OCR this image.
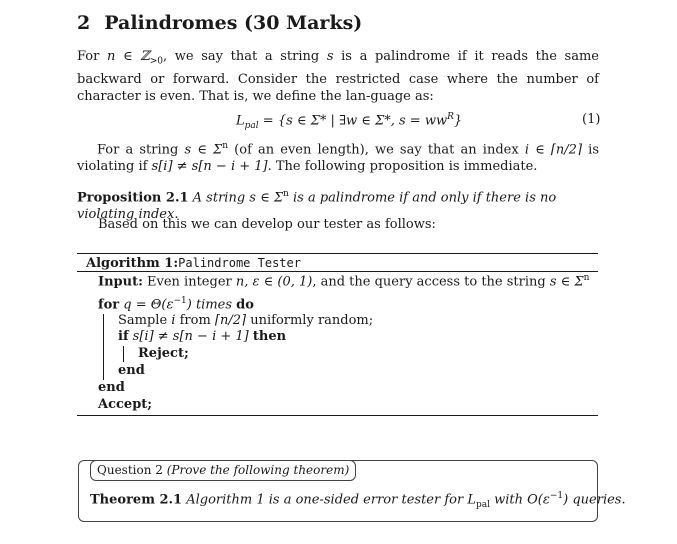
2 Palindromes (30 Marks)
For n ∈ ℤ$_{>0}$, we say that a string s is a palindrome if it reads the same backward or forward. Consider the restricted case where the number of character is even. That is, we define the lan-guage as:
$L_{pal} = \{s$ ∈ Σ* | ∃w ∈ Σ*, $s = ww^R$}	(1)
For a string s ∈ $\Sigma^n$ (of an even length), we say that an index i ∈ ⌈n/2⌉ is violating if s[i] ≠ s[n − i + 1]. The following proposition is immediate.
Proposition 2.1 A string s ∈ $\Sigma^n$ is a palindrome if and only if there is no violating index.
Based on this we can develop our tester as follows:
Algorithm 1:Palindrome Tester
Input: Even integer n, ε ∈ (0, 1), and the query access to the string s ∈ $\Sigma^n$
for $q = \Theta(\varepsilon^{-1})$ times do
Sample i from ⌈n/2⌉ uniformly random;
if s[i] ≠ s[n − i + 1] then
Reject;
end
end
Accept;
Question 2 (Prove the following theorem)
Theorem 2.1 Algorithm 1 is a one-sided error tester for $L_{pal}$ with $O(\varepsilon^{-1})$ queries.
